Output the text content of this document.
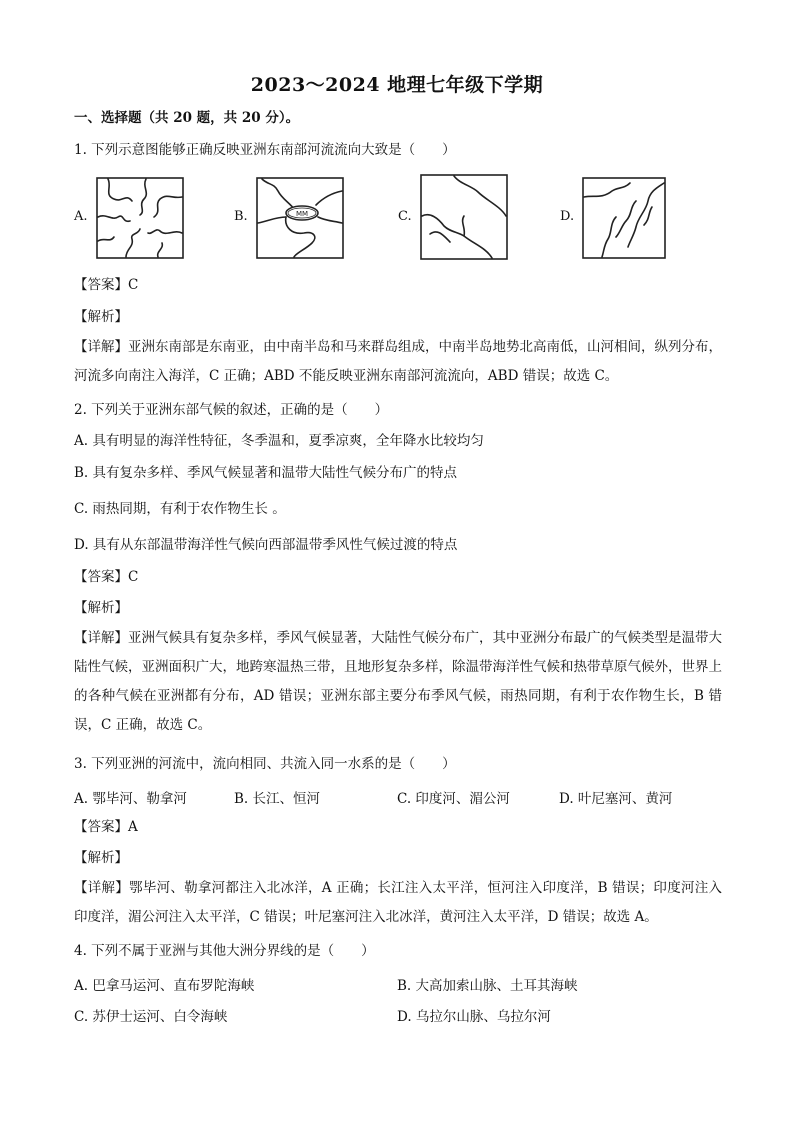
2023～2024 地理七年级下学期
一、选择题（共 20 题，共 20 分）。
1. 下列示意图能够正确反映亚洲东南部河流流向大致是（　　）
A.	B.	MM	C.	D.
【答案】C
【解析】
【详解】亚洲东南部是东南亚，由中南半岛和马来群岛组成，中南半岛地势北高南低，山河相间，纵列分布，河流多向南注入海洋，C 正确；ABD 不能反映亚洲东南部河流流向，ABD 错误；故选 C。
2. 下列关于亚洲东部气候的叙述，正确的是（　　）
A. 具有明显的海洋性特征，冬季温和，夏季凉爽，全年降水比较均匀
B. 具有复杂多样、季风气候显著和温带大陆性气候分布广的特点
C. 雨热同期，有利于农作物生长 。
D. 具有从东部温带海洋性气候向西部温带季风性气候过渡的特点
【答案】C
【解析】
【详解】亚洲气候具有复杂多样，季风气候显著，大陆性气候分布广，其中亚洲分布最广的气候类型是温带大陆性气候，亚洲面积广大，地跨寒温热三带，且地形复杂多样，除温带海洋性气候和热带草原气候外，世界上的各种气候在亚洲都有分布，AD 错误；亚洲东部主要分布季风气候，雨热同期，有利于农作物生长，B 错误，C 正确，故选 C。
3. 下列亚洲的河流中，流向相同、共流入同一水系的是（　　）
A. 鄂毕河、勒拿河	B. 长江、恒河	C. 印度河、湄公河	D. 叶尼塞河、黄河
【答案】A
【解析】
【详解】鄂毕河、勒拿河都注入北冰洋，A 正确；长江注入太平洋，恒河注入印度洋，B 错误；印度河注入印度洋，湄公河注入太平洋，C 错误；叶尼塞河注入北冰洋，黄河注入太平洋，D 错误；故选 A。
4. 下列不属于亚洲与其他大洲分界线的是（　　）
A. 巴拿马运河、直布罗陀海峡	B. 大高加索山脉、土耳其海峡
C. 苏伊士运河、白令海峡	D. 乌拉尔山脉、乌拉尔河
